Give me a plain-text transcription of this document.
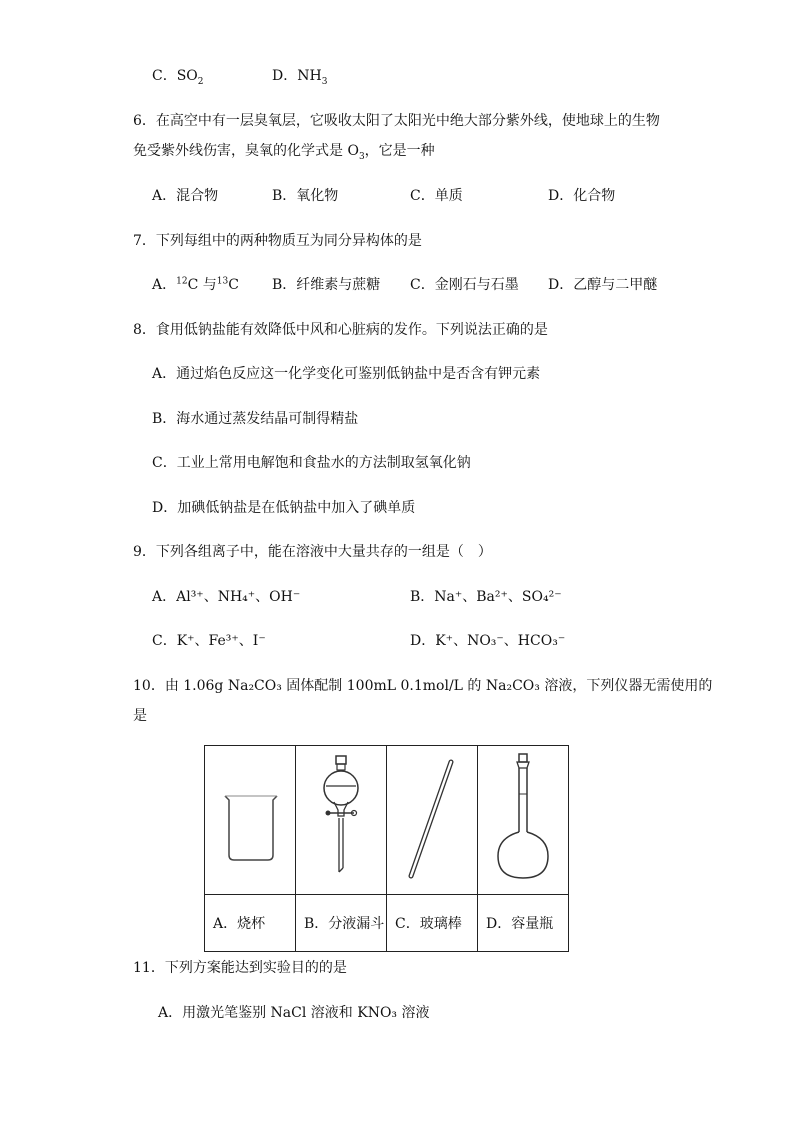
C．$SO_2$	D．$NH_3$
6．在高空中有一层臭氧层，它吸收太阳了太阳光中绝大部分紫外线，使地球上的生物
免受紫外线伤害，臭氧的化学式是 $O_3$，它是一种
A．混合物	B．氧化物	C．单质	D．化合物
7．下列每组中的两种物质互为同分异构体的是
A．$^{12}$C 与$^{13}$C B．纤维素与蔗糖 C．金刚石与石墨 D．乙醇与二甲醚
8．食用低钠盐能有效降低中风和心脏病的发作。下列说法正确的是
A．通过焰色反应这一化学变化可鉴别低钠盐中是否含有钾元素
B．海水通过蒸发结晶可制得精盐
C．工业上常用电解饱和食盐水的方法制取氢氧化钠
D．加碘低钠盐是在低钠盐中加入了碘单质
9．下列各组离子中，能在溶液中大量共存的一组是（　）
A．Al³⁺、NH₄⁺、OH⁻	B．Na⁺、Ba²⁺、SO₄²⁻
C．K⁺、Fe³⁺、I⁻	D．K⁺、NO₃⁻、HCO₃⁻
10．由 1.06g Na₂CO₃ 固体配制 100mL 0.1mol/L 的 Na₂CO₃ 溶液，下列仪器无需使用的
是

A．烧杯	B．分液漏斗	C．玻璃棒	D．容量瓶
11．下列方案能达到实验目的的是
A．用激光笔鉴别 NaCl 溶液和 KNO₃ 溶液
